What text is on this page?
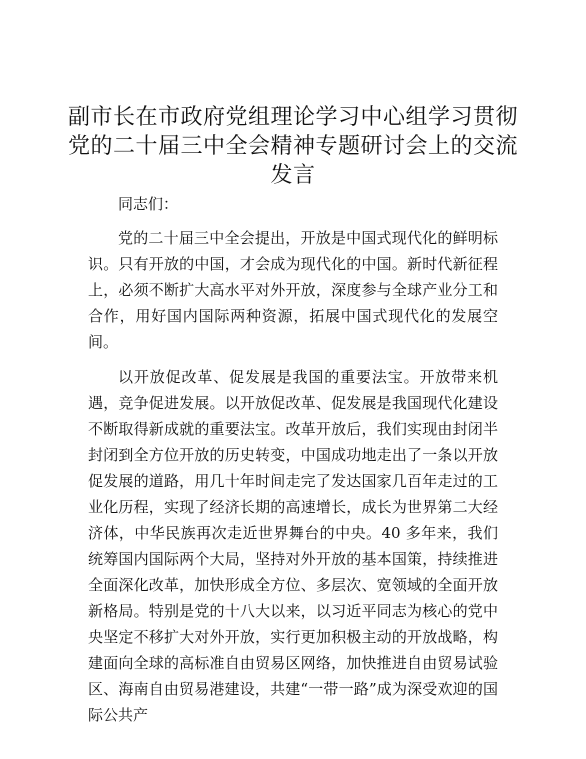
副市长在市政府党组理论学习中心组学习贯彻党的二十届三中全会精神专题研讨会上的交流发言

同志们：

党的二十届三中全会提出，开放是中国式现代化的鲜明标识。只有开放的中国，才会成为现代化的中国。新时代新征程上，必须不断扩大高水平对外开放，深度参与全球产业分工和合作，用好国内国际两种资源，拓展中国式现代化的发展空间。

以开放促改革、促发展是我国的重要法宝。开放带来机遇，竞争促进发展。以开放促改革、促发展是我国现代化建设不断取得新成就的重要法宝。改革开放后，我们实现由封闭半封闭到全方位开放的历史转变，中国成功地走出了一条以开放促发展的道路，用几十年时间走完了发达国家几百年走过的工业化历程，实现了经济长期的高速增长，成长为世界第二大经济体，中华民族再次走近世界舞台的中央。40 多年来，我们统筹国内国际两个大局，坚持对外开放的基本国策，持续推进全面深化改革，加快形成全方位、多层次、宽领域的全面开放新格局。特别是党的十八大以来，以习近平同志为核心的党中央坚定不移扩大对外开放，实行更加积极主动的开放战略，构建面向全球的高标准自由贸易区网络，加快推进自由贸易试验区、海南自由贸易港建设，共建“一带一路”成为深受欢迎的国际公共产
